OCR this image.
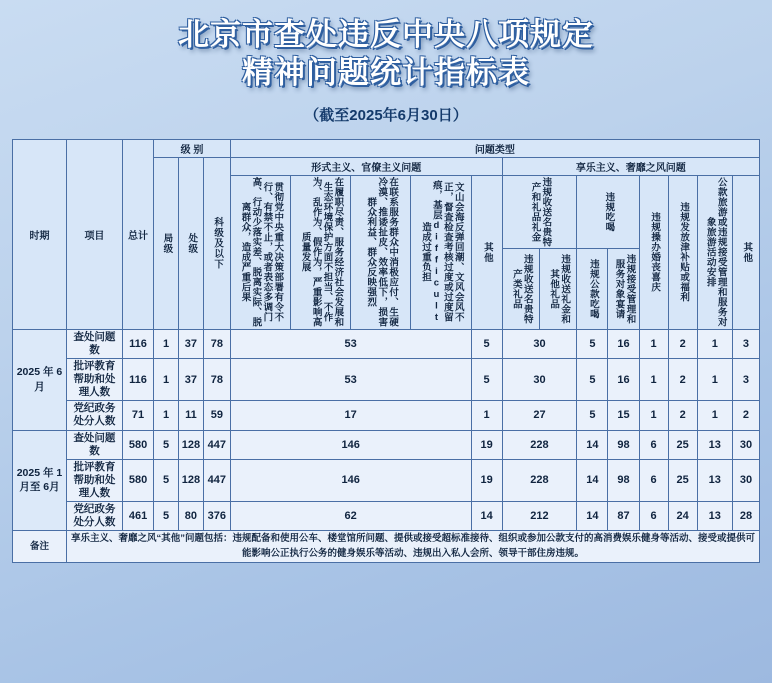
北京市查处违反中央八项规定
精神问题统计指标表
（截至2025年6月30日）
时期	项目	总计	级 别			问题类型												

			局级	处级	科级及以下	形式主义、官僚主义问题					享乐主义、奢靡之风问题							

						贯彻党中央重大决策部署有令不行、有禁不止，或者表态多调门高、行动少落实差、脱离实际、脱离群众，造成严重后果	在履职尽责、服务经济社会发展和生态环境保护方面不担当、不作为、乱作为、假作为，严重影响高质量发展	在联系服务群众中消极应付、生硬冷漠、推诿扯皮、效率低下，损害群众利益、群众反映强烈	文山会海反弹回潮、文风会风不正，督查检查考核过度或过度留痕，基层difficult造成过重负担	其他	违规收送名贵特产和礼品礼金		违规吃喝		违规操办婚丧喜庆	违规发放津补贴或福利	公款旅游或违规接受管理和服务对象旅游活动安排	其他

											违规收送名贵特产类礼品	违规收送礼金和其他礼品	违规公款吃喝	违规接受管理和服务对象宴请				

2025 年 6月	查处问题数	116	1	37	78	53				5	30		5	16	1	2	1	3
	批评教育帮助和处理人数	116	1	37	78	53				5	30		5	16	1	2	1	3
	党纪政务处分人数	71	1	11	59	17				1	27		5	15	1	2	1	2
2025 年 1月至 6月	查处问题数	580	5	128	447	146				19	228		14	98	6	25	13	30
	批评教育帮助和处理人数	580	5	128	447	146				19	228		14	98	6	25	13	30
	党纪政务处分人数	461	5	80	376	62				14	212		14	87	6	24	13	28
备注	享乐主义、奢靡之风“其他”问题包括：违规配备和使用公车、楼堂馆所问题、提供或接受超标准接待、组织或参加公款支付的高消费娱乐健身等活动、接受或提供可能影响公正执行公务的健身娱乐等活动、违规出入私人会所、领导干部住房违规。																	
